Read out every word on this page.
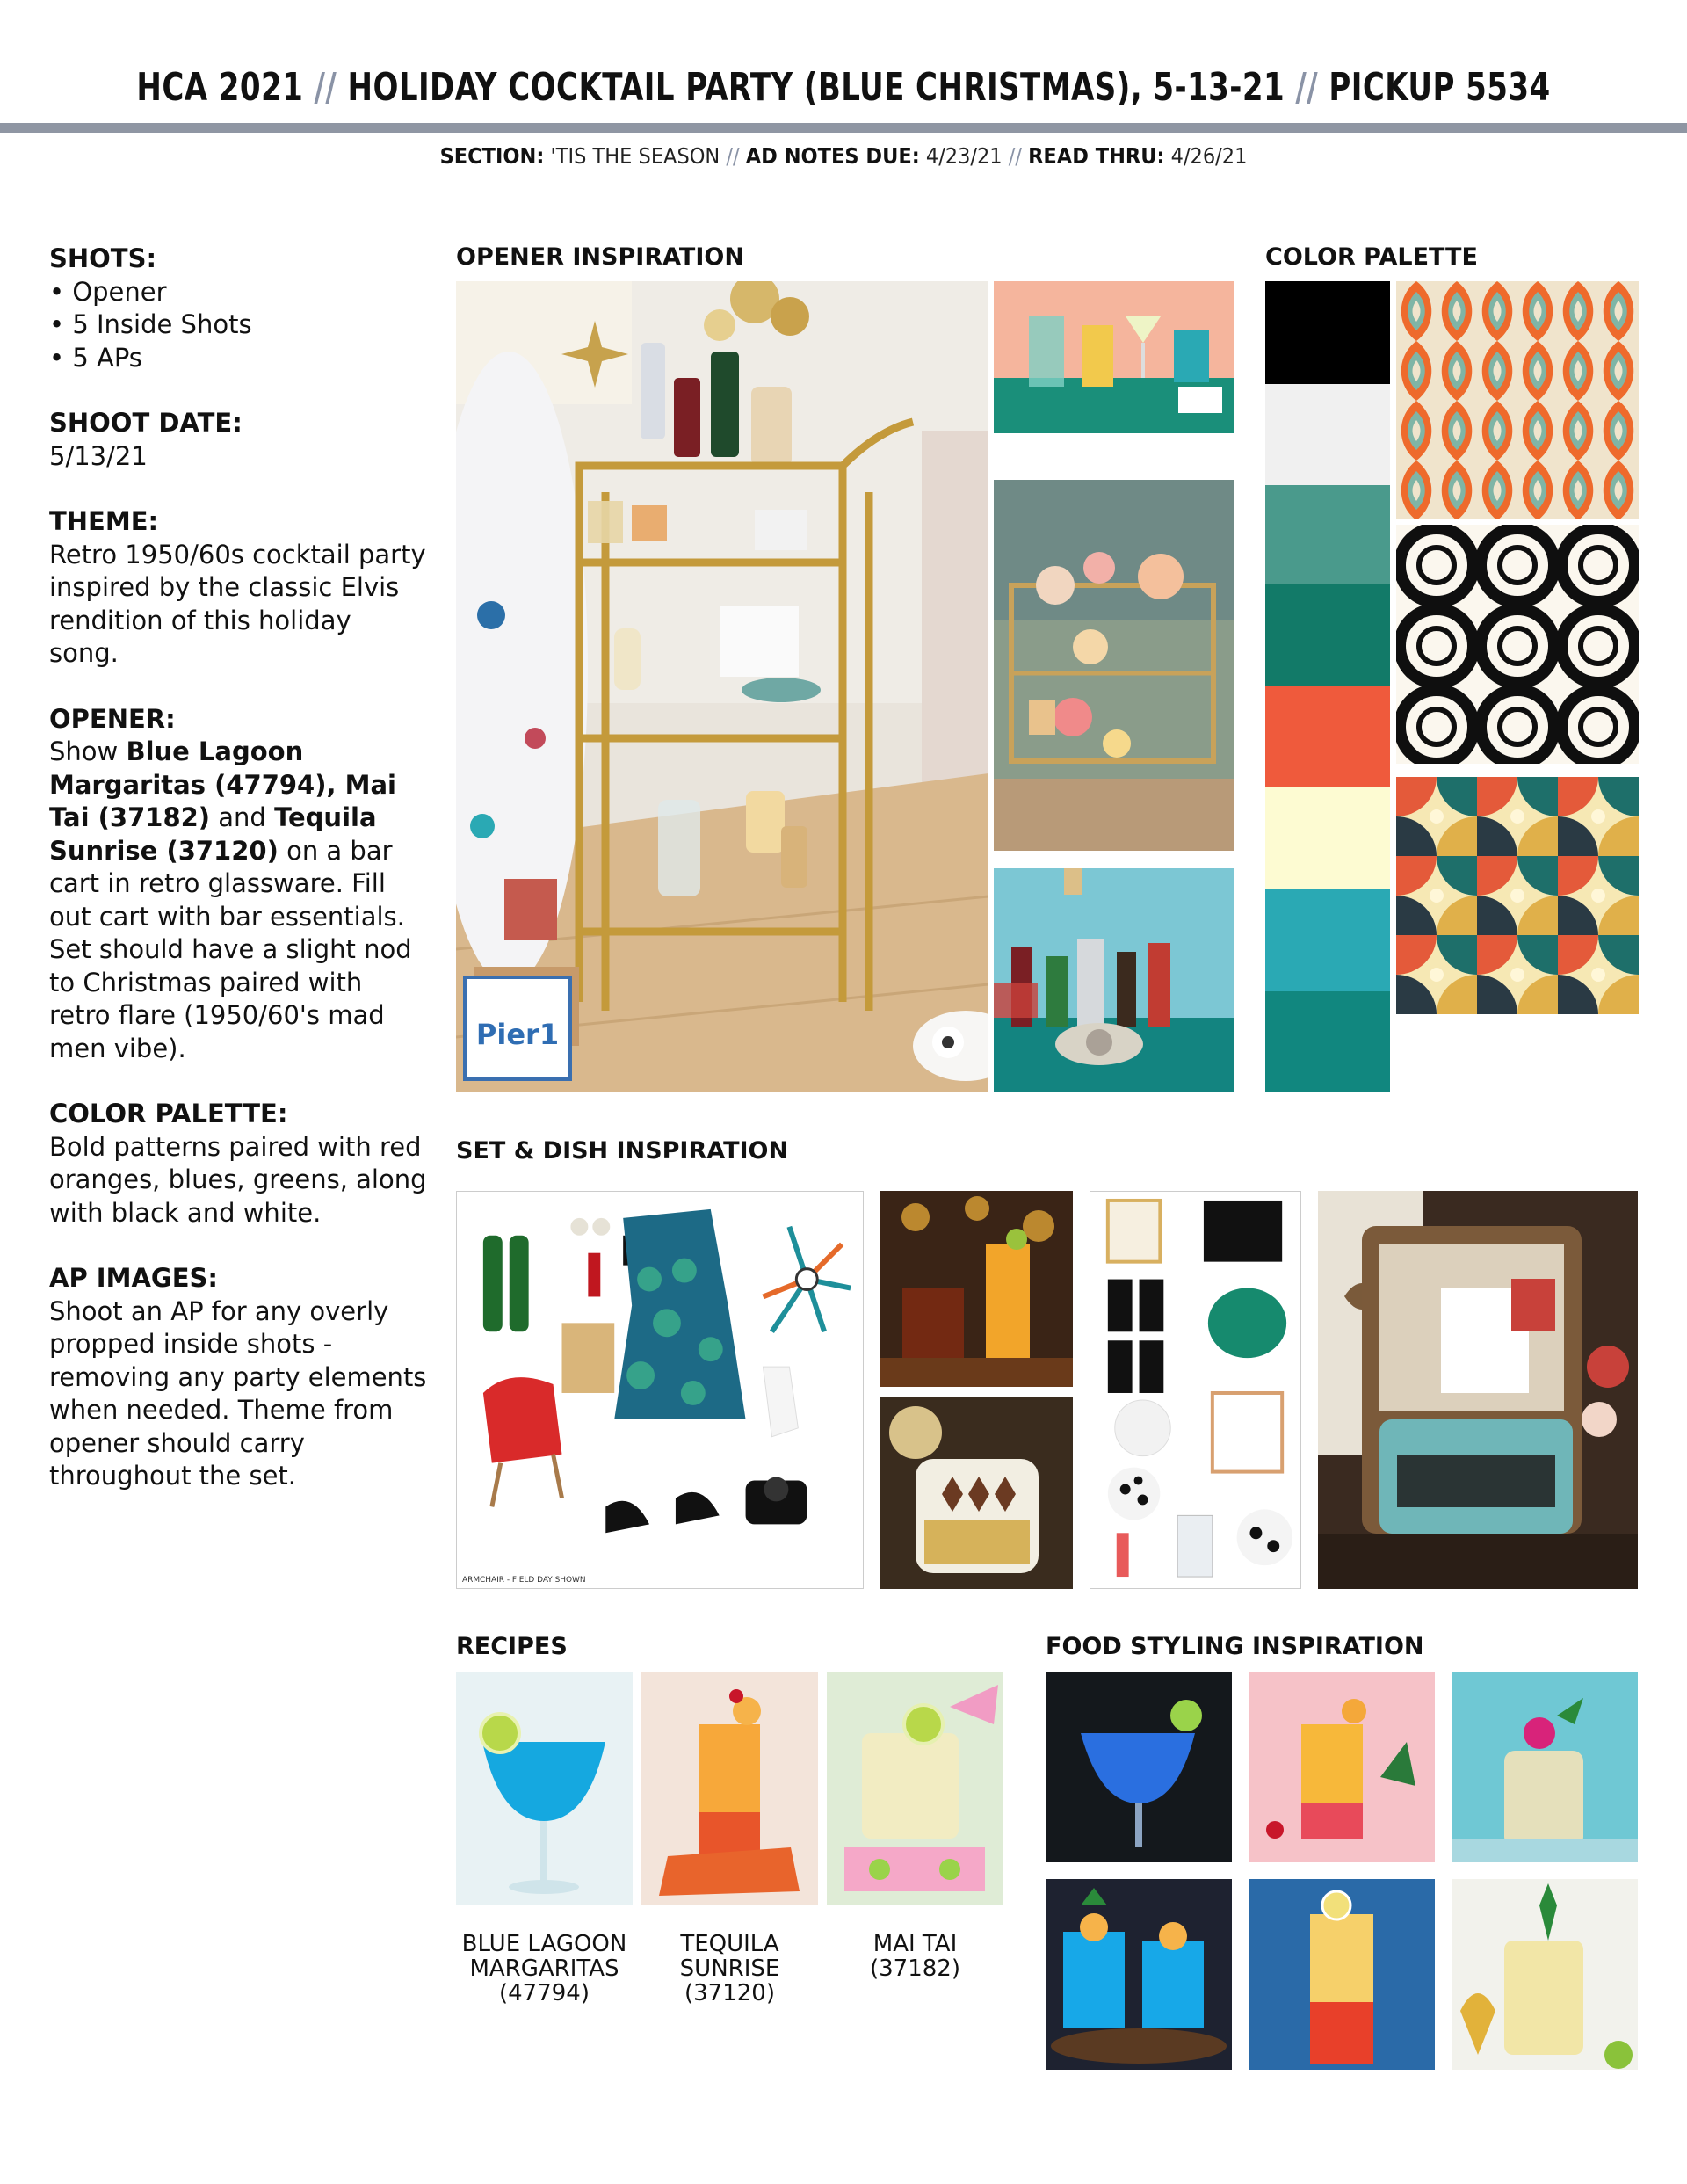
HCA 2021 // HOLIDAY COCKTAIL PARTY (BLUE CHRISTMAS), 5-13-21 // PICKUP 5534
SECTION: 'TIS THE SEASON // AD NOTES DUE: 4/23/21 // READ THRU: 4/26/21
SHOTS:
• Opener
• 5 Inside Shots
• 5 APs
SHOOT DATE:
5/13/21
THEME:
Retro 1950/60s cocktail party inspired by the classic Elvis rendition of this holiday song.
OPENER:
Show Blue Lagoon Margaritas (47794), Mai Tai (37182) and Tequila Sunrise (37120) on a bar cart in retro glassware. Fill out cart with bar essentials. Set should have a slight nod to Christmas paired with retro flare (1950/60's mad men vibe).
COLOR PALETTE:
Bold patterns paired with red oranges, blues, greens, along with black and white.
AP IMAGES:
Shoot an AP for any overly propped inside shots - removing any party elements when needed. Theme from opener should carry throughout the set.
OPENER INSPIRATION	COLOR PALETTE
SET & DISH INSPIRATION
RECIPES	FOOD STYLING INSPIRATION
Pier1
ARMCHAIR - FIELD DAY SHOWN
BLUE LAGOON
MARGARITAS
(47794)
TEQUILA
SUNRISE
(37120)
MAI TAI
(37182)
